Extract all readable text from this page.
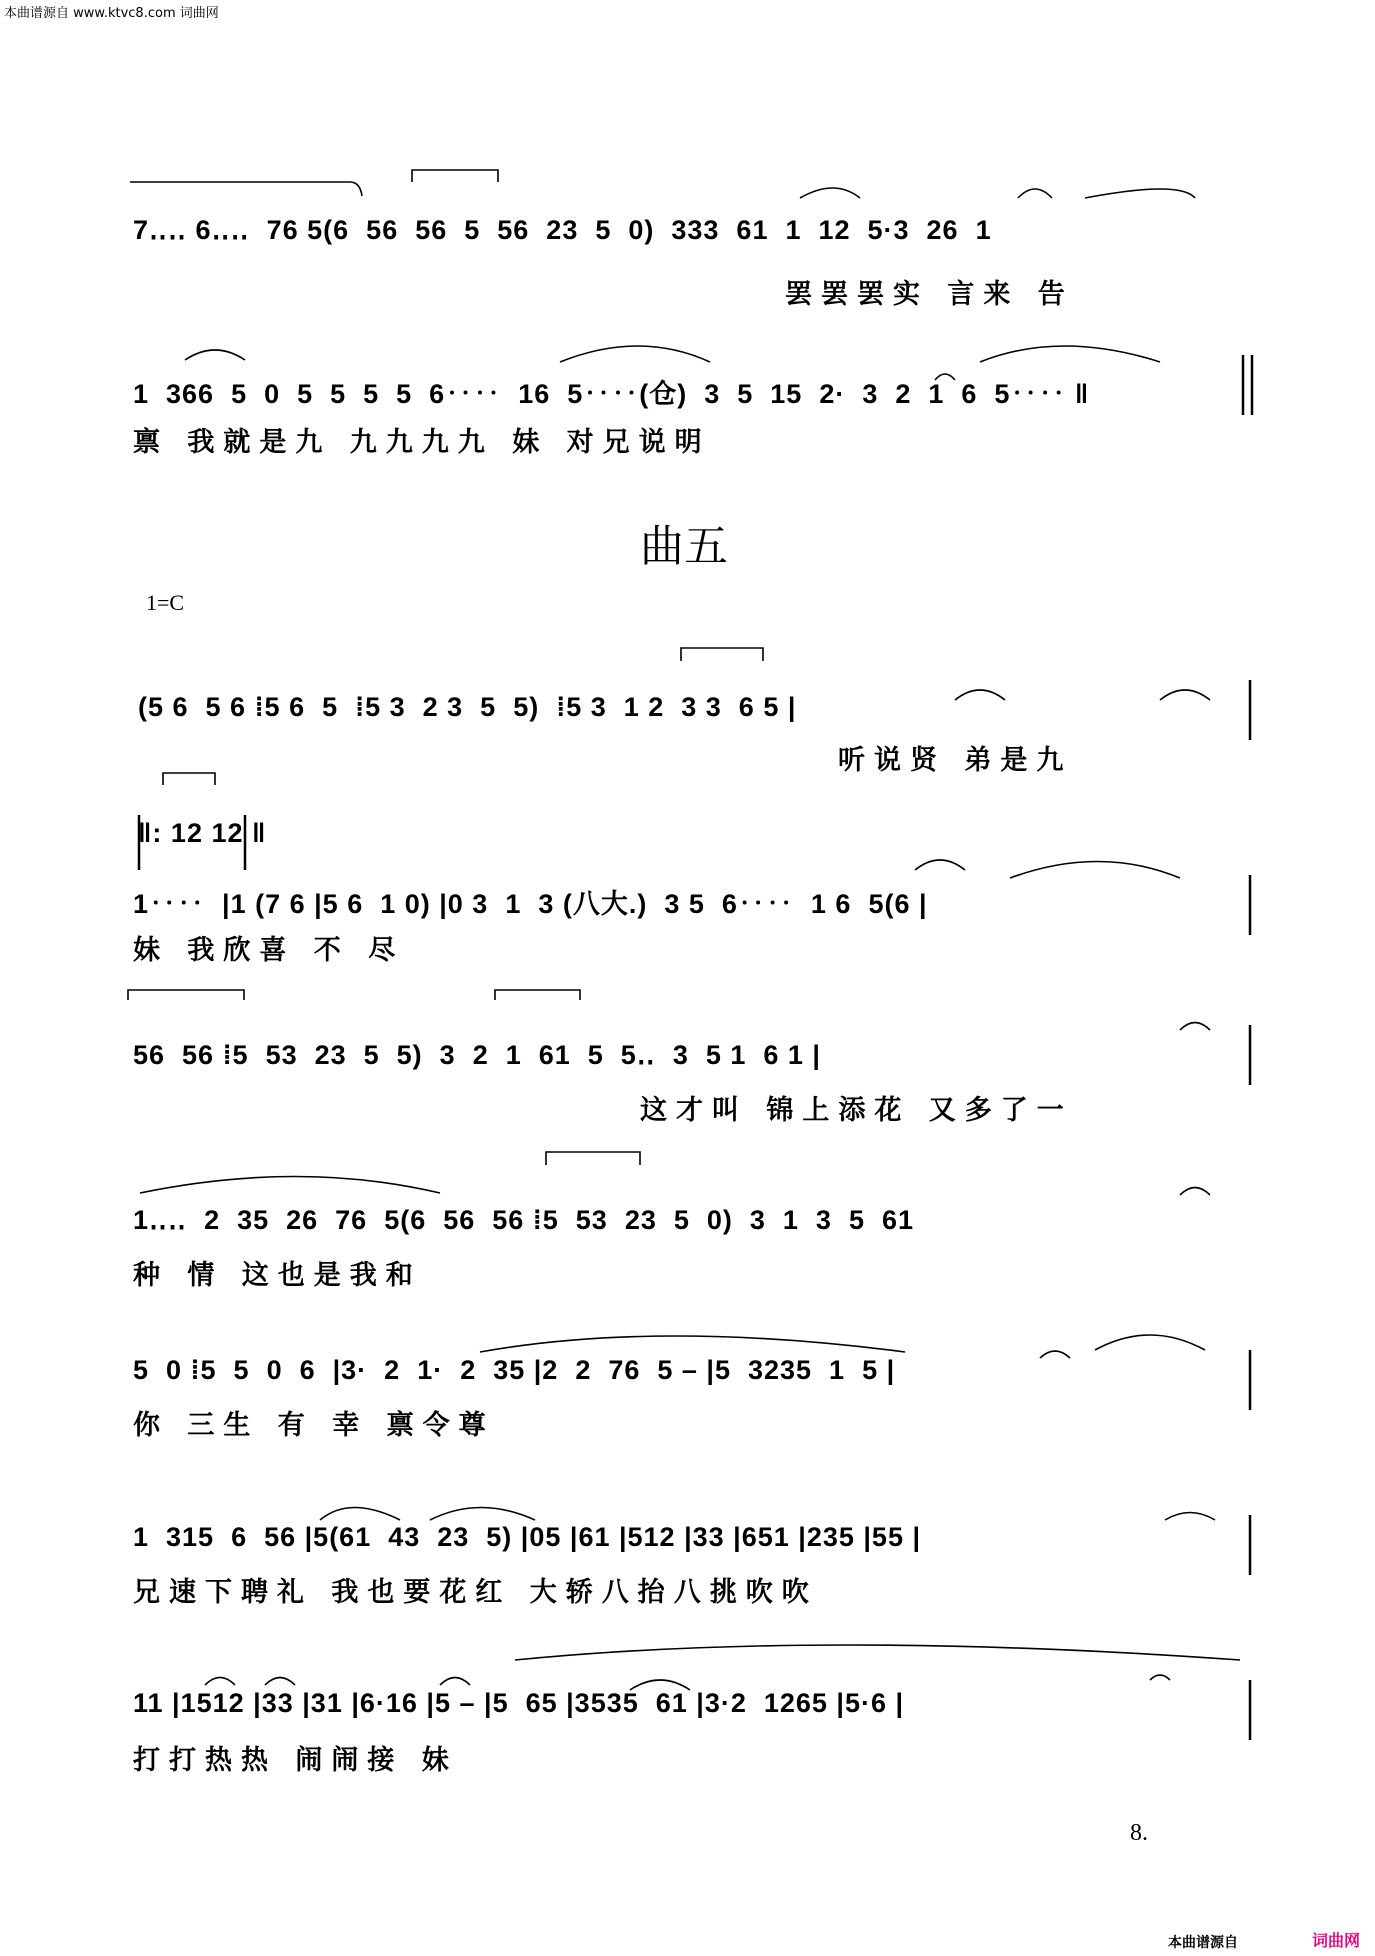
本曲谱源自 www.ktvc8.com 词曲网
7‥‥ 6‥‥  76 5(6  56  56  5  56  23  5  0)  333  61  1  12  5·3  26  1
罢罢罢实 言来 告
1  366  5  0  5  5  5  5  6‥‥  16  5‥‥(仓)  3  5  15  2·  3  2  1  6  5‥‥ ‖
禀 我就是九 九九九九 妹 对兄说明
曲五
1=C
(5 6  5 6 ⁞5 6  5  ⁞5 3  2 3  5  5)  ⁞5 3  1 2  3 3  6 5 |
听说贤 弟是九
‖: 12 12 ‖
1‥‥  |1 (7 6 |5 6  1 0) |0 3  1  3 (八大.)  3 5  6‥‥  1 6  5(6 |
妹 我欣喜 不 尽
56  56 ⁞5  53  23  5  5)  3  2  1  61  5  5‥  3  5 1  6 1 |
这才叫 锦上添花 又多了一
1‥‥  2  35  26  76  5(6  56  56 ⁞5  53  23  5  0)  3  1  3  5  61
种 情 这也是我和
5  0 ⁞5  5  0  6  |3·  2  1·  2  35 |2  2  76  5 – |5  3235  1  5 |
你 三生 有 幸 禀令尊
1  315  6  56 |5(61  43  23  5) |05 |61 |512 |33 |651 |235 |55 |
兄速下聘礼 我也要花红 大轿八抬八挑吹吹
11 |1512 |33 |31 |6·16 |5 – |5  65 |3535  61 |3·2  1265 |5·6 |
打打热热 闹闹接 妹
8.
本曲谱源自	词曲网
